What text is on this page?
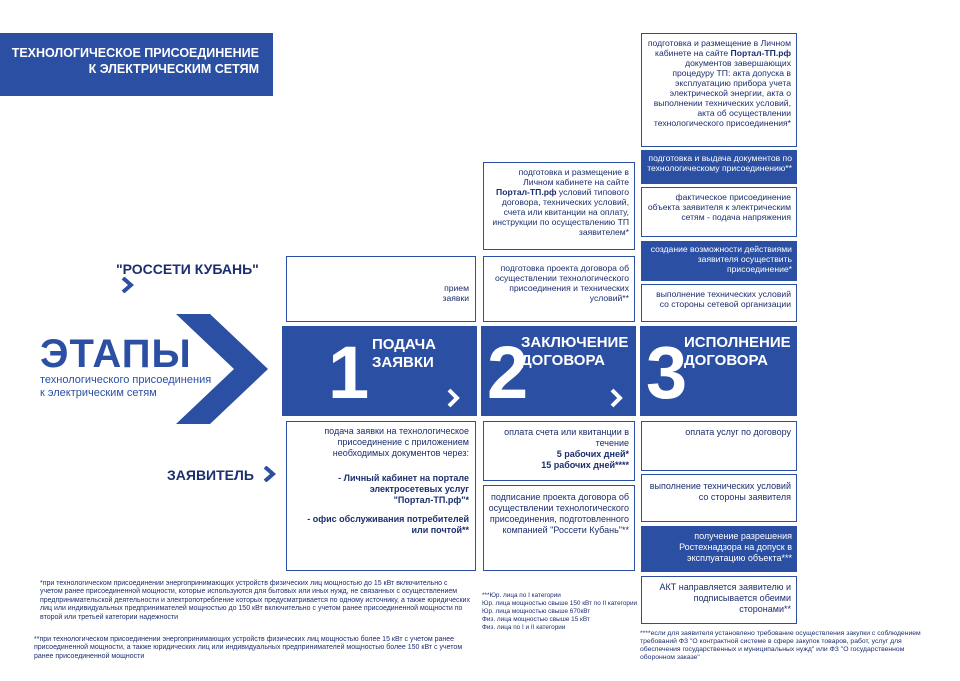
ТЕХНОЛОГИЧЕСКОЕ ПРИСОЕДИНЕНИЕ
К ЭЛЕКТРИЧЕСКИМ СЕТЯМ
"РОССЕТИ КУБАНЬ"
ЭТАПЫ
технологического присоединения
к электрическим сетям
ЗАЯВИТЕЛЬ
1 ПОДАЧА
ЗАЯВКИ 2
ЗАКЛЮЧЕНИЕ
ДОГОВОРА 3
ИСПОЛНЕНИЕ
ДОГОВОРА
прием
заявки
подача заявки на технологическое присоединение с приложением необходимых документов через:
- Личный кабинет на портале электросетевых услуг
"Портал-ТП.рф"*
- офис обслуживания потребителей или почтой**
подготовка и размещение в Личном кабинете на сайте Портал-ТП.рф условий типового договора, технических условий, счета или квитанции на оплату, инструкции по осуществлению ТП заявителем*
подготовка проекта договора об осуществлении технологического присоединения и технических условий**
оплата счета или квитанции в течение
5 рабочих дней*
15 рабочих дней****
подписание проекта договора об осуществлении технологического присоединения, подготовленного компанией "Россети Кубань"**
подготовка и размещение в Личном кабинете на сайте Портал-ТП.рф документов завершающих процедуру ТП: акта допуска в эксплуатацию прибора учета электрической энергии, акта о выполнении технических условий, акта об осуществлении технологического присоединения*
подготовка и выдача документов по технологическому присоединению**
фактическое присоединение объекта заявителя к электрическим сетям - подача напряжения
создание возможности действиями заявителя осуществить присоединение*
выполнение технических условий со стороны сетевой организации
оплата услуг по договору
выполнение технических условий со стороны заявителя
получение разрешения Ростехнадзора на допуск в эксплуатацию объекта***
АКТ направляется заявителю и подписывается обеими сторонами**
*при технологическом присоединении энергопринимающих устройств физических лиц мощностью до 15 кВт включительно с учетом ранее присоединенной мощности, которые используются для бытовых или иных нужд, не связанных с осуществлением предпринимательской деятельности и электропотребление которых предусматривается по одному источнику, а также юридических лиц или индивидуальных предпринимателей мощностью до 150 кВт включительно с учетом ранее присоединенной мощности по второй или третьей категории надежности
**при технологическом присоединении энергопринимающих устройств физических лиц мощностью более 15 кВт с учетом ранее присоединенной мощности, а также юридических лиц или индивидуальных предпринимателей мощностью более 150 кВт с учетом ранее присоединенной мощности
***Юр. лица по I категории
Юр. лица мощностью свыше 150 кВт по II категории
Юр. лица мощностью свыше 670кВт
Физ. лица мощностью свыше 15 кВт
Физ. лица по I и II категории
****если для заявителя установлено требование осуществления закупки с соблюдением требований ФЗ "О контрактной системе в сфере закупок товаров, работ, услуг для обеспечения государственных и муниципальных нужд" или ФЗ "О государственном оборонном заказе"
